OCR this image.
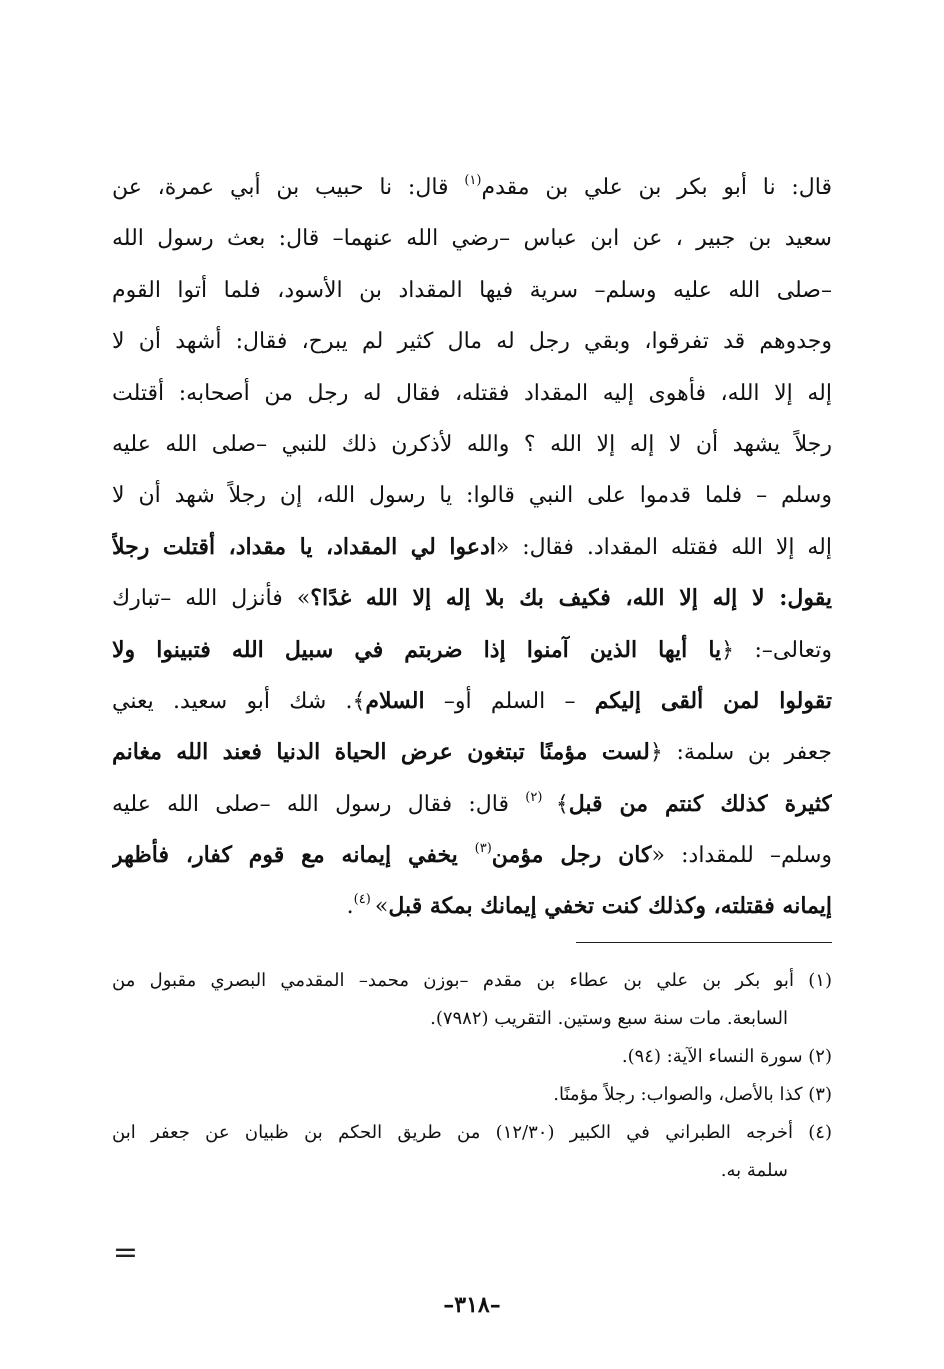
قال: نا أبو بكر بن علي بن مقدم$^{(١)}$ قال: نا حبيب بن أبي عمرة، عن
سعيد بن جبير ، عن ابن عباس –رضي الله عنهما– قال: بعث رسول الله
–صلى الله عليه وسلم– سرية فيها المقداد بن الأسود، فلما أتوا القوم
وجدوهم قد تفرقوا، وبقي رجل له مال كثير لم يبرح، فقال: أشهد أن لا
إله إلا الله، فأهوى إليه المقداد فقتله، فقال له رجل من أصحابه: أقتلت
رجلاً يشهد أن لا إله إلا الله ؟ والله لأذكرن ذلك للنبي –صلى الله عليه
وسلم – فلما قدموا على النبي قالوا: يا رسول الله، إن رجلاً شهد أن لا
إله إلا الله فقتله المقداد. فقال: «ادعوا لي المقداد، يا مقداد، أقتلت رجلاً
يقول: لا إله إلا الله، فكيف بك بلا إله إلا الله غدًا؟» فأنزل الله –تبارك
وتعالى–: ﴿يا أيها الذين آمنوا إذا ضربتم في سبيل الله فتبينوا ولا
تقولوا لمن ألقى إليكم – السلم أو– السلام﴾. شك أبو سعيد. يعني
جعفر بن سلمة: ﴿لست مؤمنًا تبتغون عرض الحياة الدنيا فعند الله مغانم
كثيرة كذلك كنتم من قبل﴾ $^{(٢)}$ قال: فقال رسول الله –صلى الله عليه
وسلم– للمقداد: «كان رجل مؤمن$^{(٣)}$ يخفي إيمانه مع قوم كفار، فأظهر
إيمانه فقتلته، وكذلك كنت تخفي إيمانك بمكة قبل» $^{(٤)}$.
(١) أبو بكر بن علي بن عطاء بن مقدم –بوزن محمد– المقدمي البصري مقبول من
السابعة. مات سنة سبع وستين. التقريب (٧٩٨٢).
(٢) سورة النساء الآية: (٩٤).
(٣) كذا بالأصل، والصواب: رجلاً مؤمنًا.
(٤) أخرجه الطبراني في الكبير (١٢/٣٠) من طريق الحكم بن ظبيان عن جعفر ابن
سلمة به.
=
–٣١٨–
